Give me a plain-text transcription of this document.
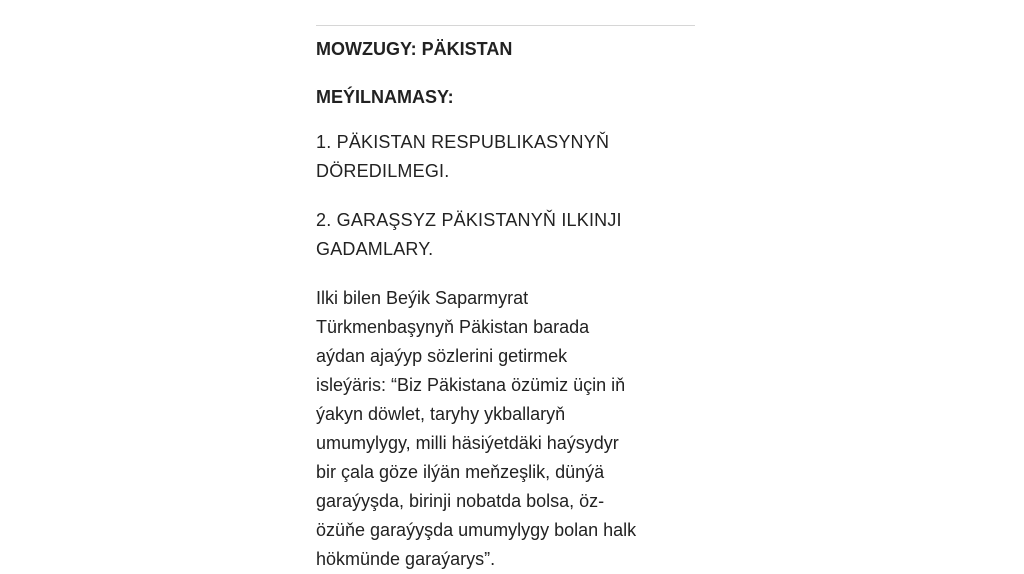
MOWZUGY: PÄKISTAN
MEÝILNAMASY:

1. PÄKISTAN RESPUBLIKASYNYŇ DÖREDILMEGI.

2. GARAŞSYZ PÄKISTANYŇ ILKINJI GADAMLARY.

Ilki bilen Beýik Saparmyrat
Türkmenbaşynyň Päkistan barada
aýdan ajaýyp sözlerini getirmek
isleýäris: “Biz Päkistana özümiz üçin iň
ýakyn döwlet, taryhy ykballaryň
umumylygy, milli häsiýetdäki haýsydyr
bir çala göze ilýän meňzeşlik, dünýä
garaýyşda, birinji nobatda bolsa, öz-
özüňe garaýyşda umumylygy bolan halk
hökmünde garaýarys”.
